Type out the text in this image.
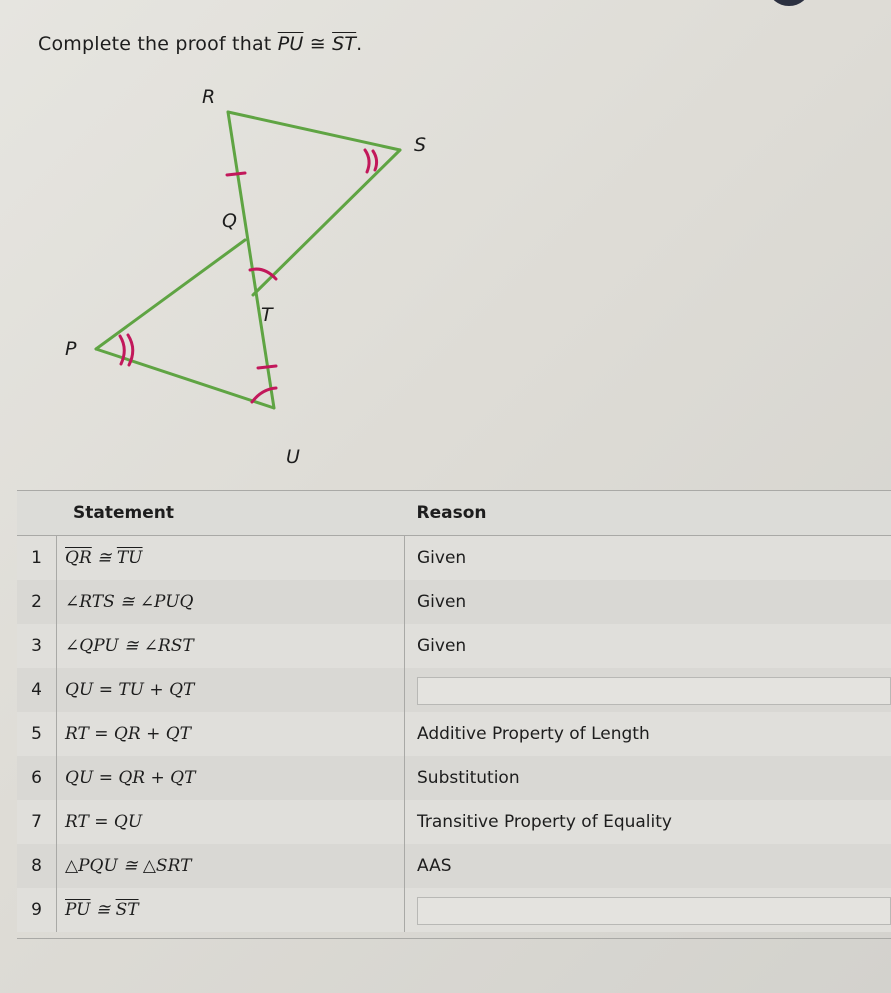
Complete the proof that $\overline{PU}$ ≅ $\overline{ST}$.
R
S
Q
T
P
U
Statement		Reason
1	$\overline{QR}$ ≅ $\overline{TU}$	Given
2	∠RTS ≅ ∠PUQ	Given
3	∠QPU ≅ ∠RST	Given
4	QU = TU + QT	
5	RT = QR + QT	Additive Property of Length
6	QU = QR + QT	Substitution
7	RT = QU	Transitive Property of Equality
8	△PQU ≅ △SRT	AAS
9	$\overline{PU}$ ≅ $\overline{ST}$	
